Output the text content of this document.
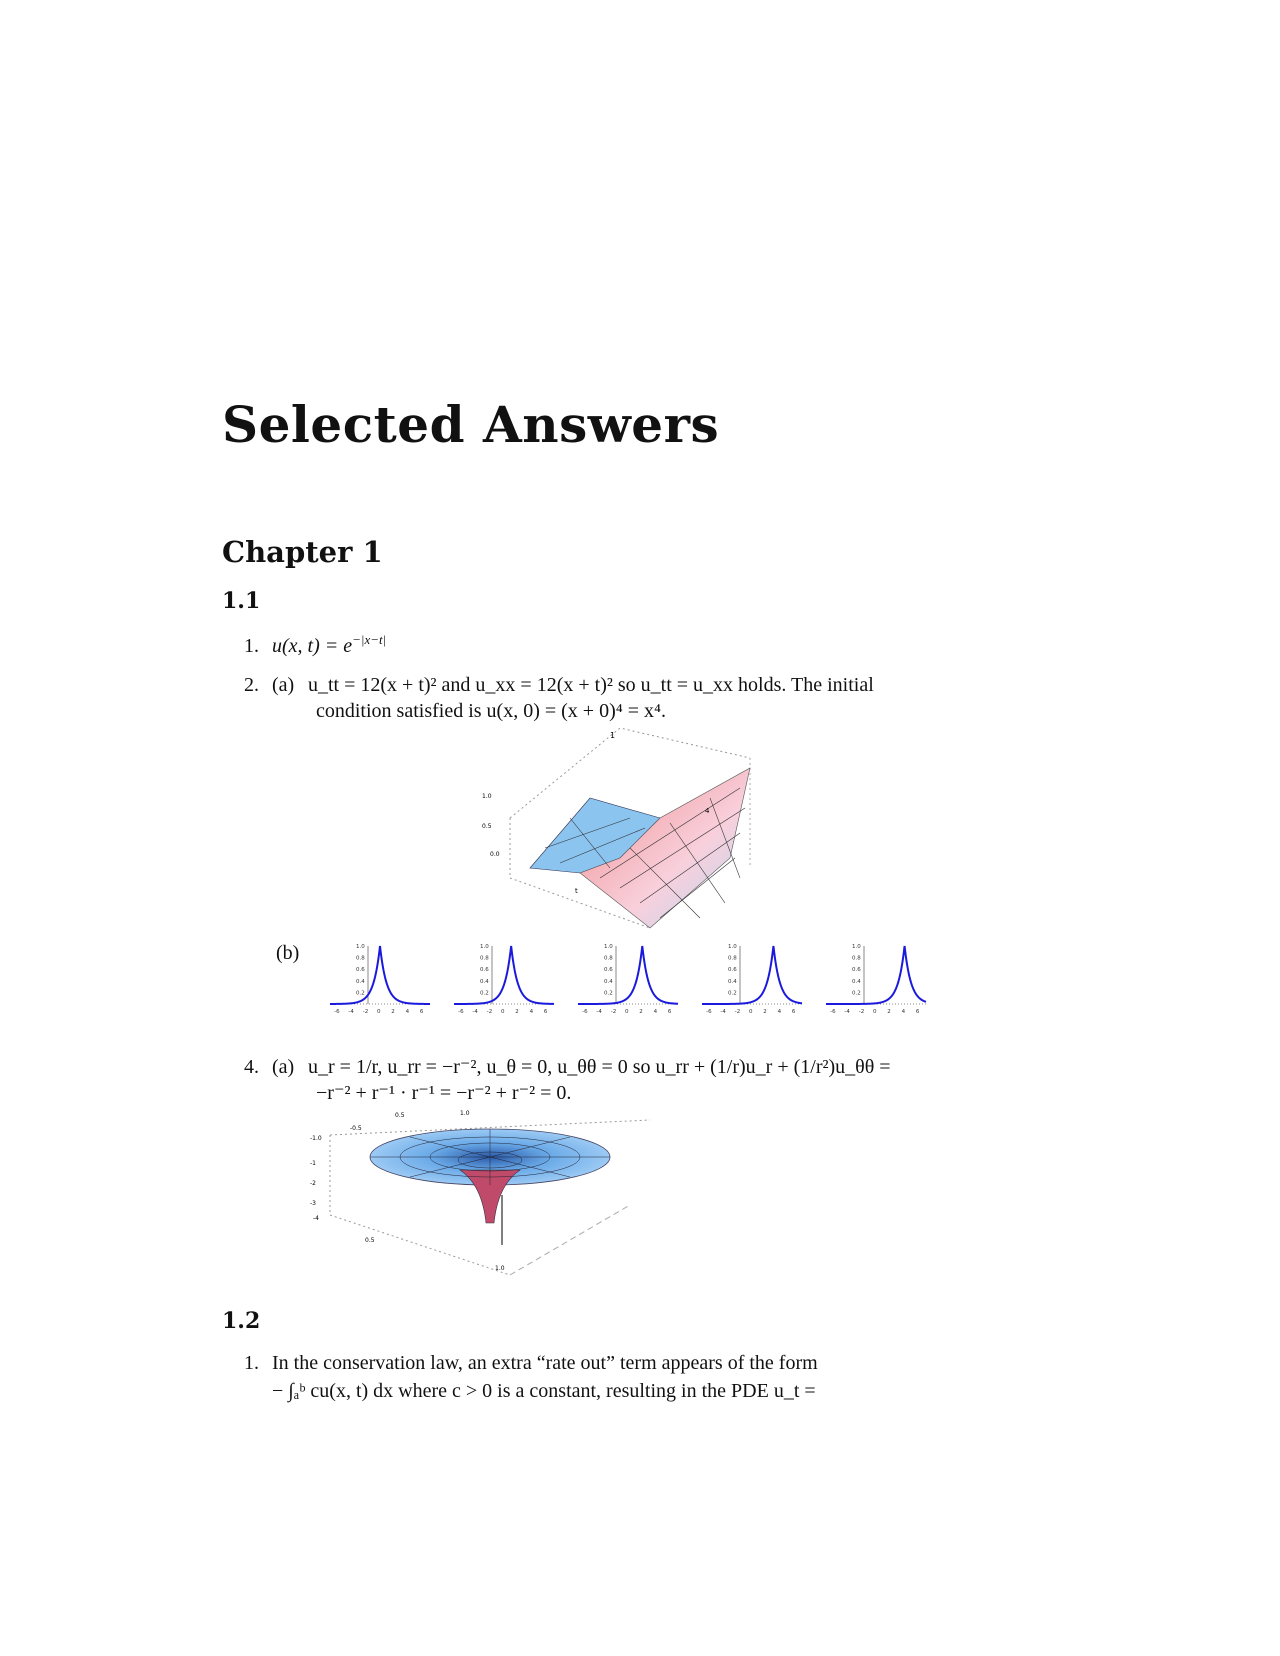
Selected Answers
Chapter 1
1.1
1. u(x, $t) = e^{-|x-t|}$
2. (a) u_tt = 12(x + t)² and u_xx = 12(x + t)² so u_tt = u_xx holds. The initial
condition satisfied is u(x, 0) = (x + 0)⁴ = x⁴.
1
1.0
0.5
0.0
t
4
(b)	1.0
0.8
0.6
0.4
0.2
-6 -4 -2 0 2 4 6
1.0
0.8
0.6
0.4
0.2
-6 -4 -2 0 2 4 6
1.0
0.8
0.6
0.4
0.2
-6 -4 -2 0 2 4 6
1.0
0.8
0.6
0.4
0.2
-6 -4 -2 0 2 4 6
1.0
0.8
0.6
0.4
0.2
-6 -4 -2 0 2 4 6
4. (a) u_r = 1/r, u_rr = −r⁻², u_θ = 0, u_θθ = 0 so u_rr + (1/r)u_r + (1/r²)u_θθ =
−r⁻² + r⁻¹ · r⁻¹ = −r⁻² + r⁻² = 0.
-1.0
-0.5
0.5	1.0
-1
-2
-3
-4
0.5
1.0
1.2
1. In the conservation law, an extra “rate out” term appears of the form
− ∫ₐᵇ cu(x, t) dx where c > 0 is a constant, resulting in the PDE u_t =
